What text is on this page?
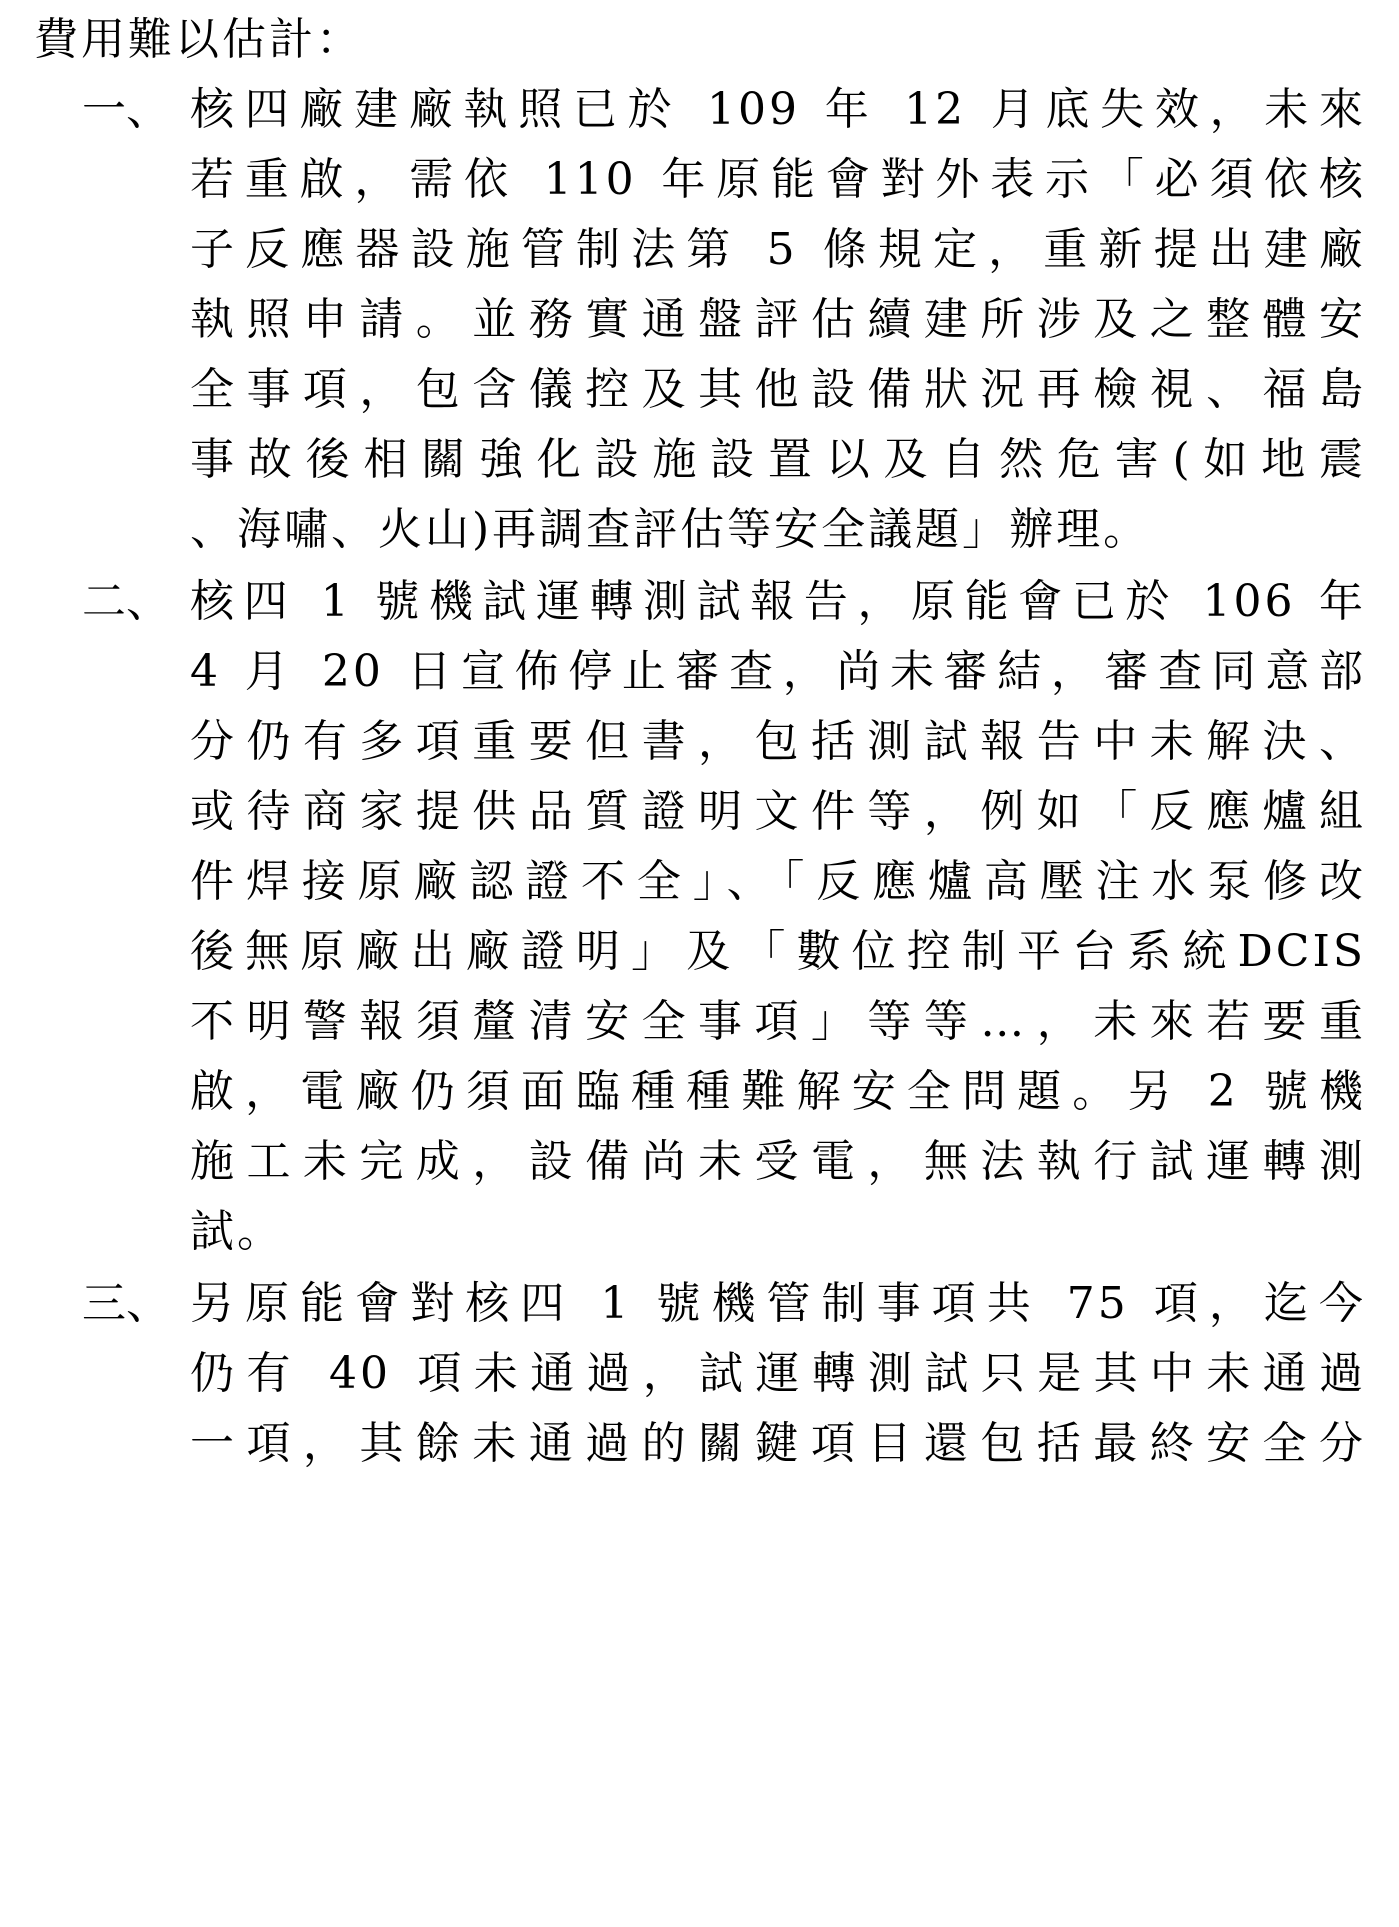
費用難以估計：
一、 核四廠建廠執照已於 109 年 12 月底失效，未來
若重啟，需依 110 年原能會對外表示「必須依核
子反應器設施管制法第 5 條規定，重新提出建廠
執照申請。並務實通盤評估續建所涉及之整體安
全事項，包含儀控及其他設備狀況再檢視、福島
事故後相關強化設施設置以及自然危害(如地震
、海嘯、火山)再調查評估等安全議題」辦理。
二、 核四 1 號機試運轉測試報告，原能會已於 106 年
4 月 20 日宣佈停止審查，尚未審結，審查同意部
分仍有多項重要但書，包括測試報告中未解決、
或待商家提供品質證明文件等，例如「反應爐組
件焊接原廠認證不全」、「反應爐高壓注水泵修改
後無原廠出廠證明」及「數位控制平台系統DCIS
不明警報須釐清安全事項」等等…，未來若要重
啟，電廠仍須面臨種種難解安全問題。另 2 號機
施工未完成，設備尚未受電，無法執行試運轉測
試。
三、 另原能會對核四 1 號機管制事項共 75 項，迄今
仍有 40 項未通過，試運轉測試只是其中未通過
一項，其餘未通過的關鍵項目還包括最終安全分
